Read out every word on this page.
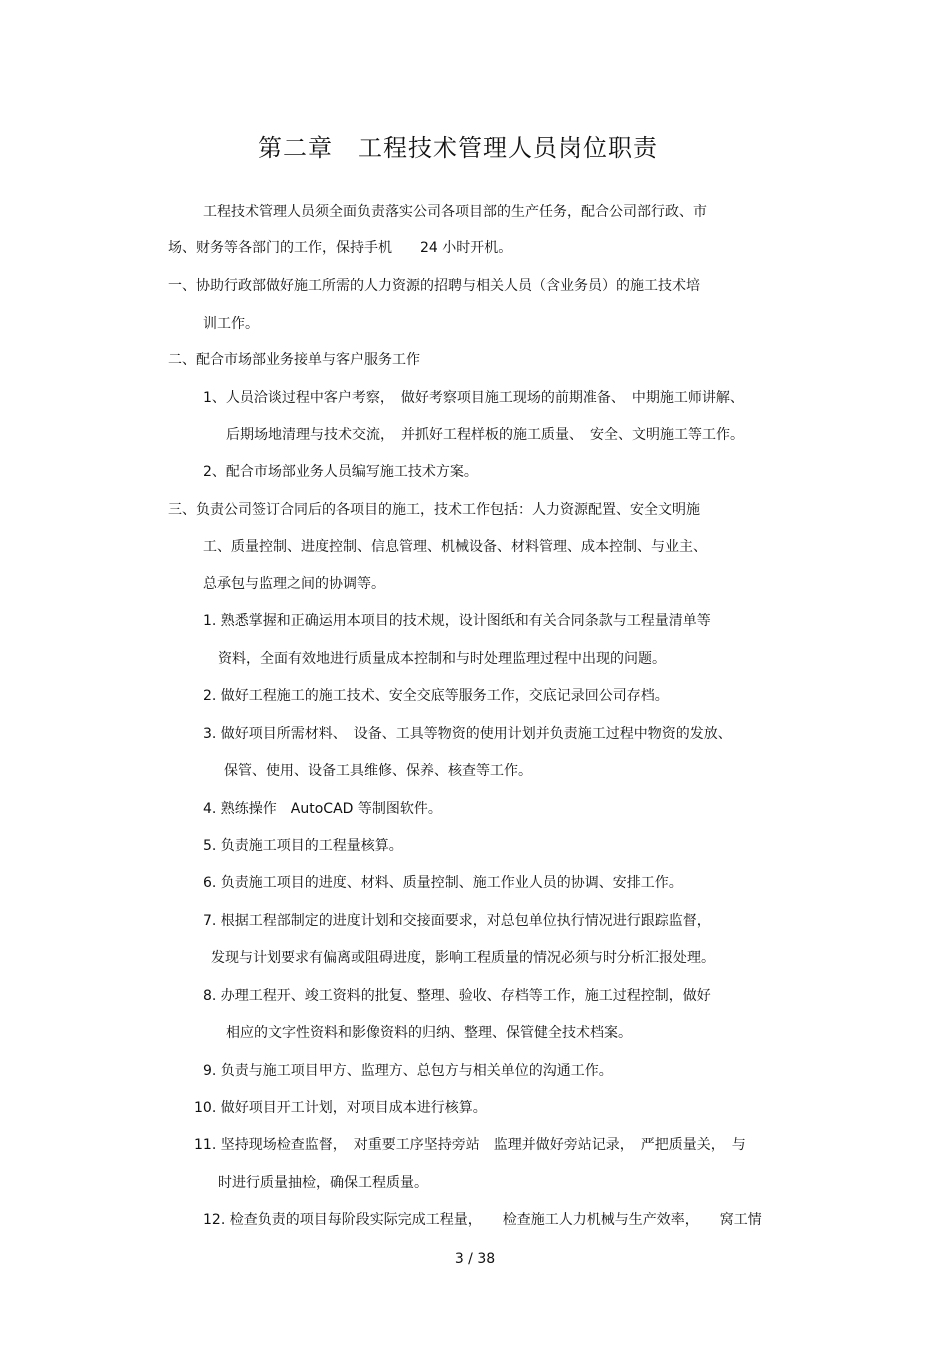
第二章　工程技术管理人员岗位职责
工程技术管理人员须全面负责落实公司各项目部的生产任务，配合公司部行政、市
场、财务等各部门的工作，保持手机　　24 小时开机。
一、协助行政部做好施工所需的人力资源的招聘与相关人员（含业务员）的施工技术培
训工作。
二、配合市场部业务接单与客户服务工作
1、人员洽谈过程中客户考察，　做好考察项目施工现场的前期准备、　中期施工师讲解、
后期场地清理与技术交流，　并抓好工程样板的施工质量、　安全、文明施工等工作。
2、配合市场部业务人员编写施工技术方案。
三、负责公司签订合同后的各项目的施工，技术工作包括：人力资源配置、安全文明施
工、质量控制、进度控制、信息管理、机械设备、材料管理、成本控制、与业主、
总承包与监理之间的协调等。
1. 熟悉掌握和正确运用本项目的技术规，设计图纸和有关合同条款与工程量清单等
资料，全面有效地进行质量成本控制和与时处理监理过程中出现的问题。
2. 做好工程施工的施工技术、安全交底等服务工作，交底记录回公司存档。
3. 做好项目所需材料、　设备、工具等物资的使用计划并负责施工过程中物资的发放、
保管、使用、设备工具维修、保养、核查等工作。
4. 熟练操作　AutoCAD 等制图软件。
5. 负责施工项目的工程量核算。
6. 负责施工项目的进度、材料、质量控制、施工作业人员的协调、安排工作。
7. 根据工程部制定的进度计划和交接面要求，对总包单位执行情况进行跟踪监督，
发现与计划要求有偏离或阻碍进度，影响工程质量的情况必须与时分析汇报处理。
8. 办理工程开、竣工资料的批复、整理、验收、存档等工作，施工过程控制，做好
相应的文字性资料和影像资料的归纳、整理、保管健全技术档案。
9. 负责与施工项目甲方、监理方、总包方与相关单位的沟通工作。
10. 做好项目开工计划，对项目成本进行核算。
11. 坚持现场检查监督，　对重要工序坚持旁站　监理并做好旁站记录，　严把质量关，　与
时进行质量抽检，确保工程质量。
12. 检查负责的项目每阶段实际完成工程量，　　检查施工人力机械与生产效率，　　窝工情
3 / 38
